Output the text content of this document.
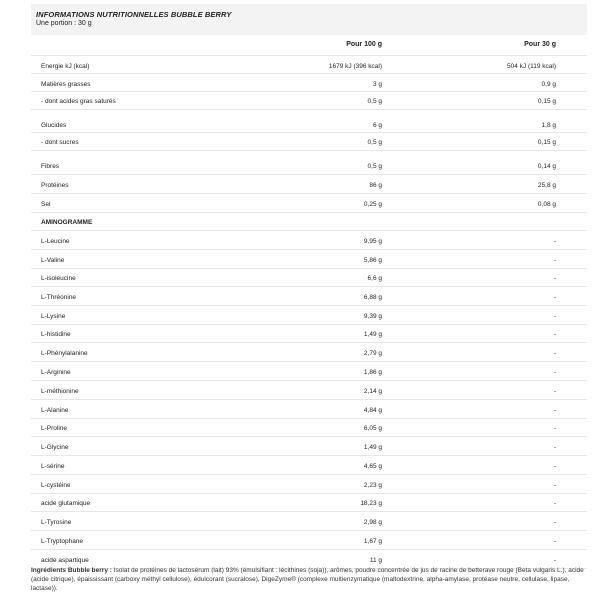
INFORMATIONS NUTRITIONNELLES BUBBLE BERRY
Une portion : 30 g
Pour 100 g	Pour 30 g
Energie kJ (kcal)	1679 kJ (396 kcal)	504 kJ (119 kcal)
Matières grasses	3 g	0,9 g
- dont acides gras saturés	0,5 g	0,15 g
Glucides	6 g	1,8 g
- dont sucres	0,5 g	0,15 g
Fibres	0,5 g	0,14 g
Protéines	86 g	25,8 g
Sel	0,25 g	0,08 g
AMINOGRAMME
L-Leucine	9,95 g	-
L-Valine	5,86 g	-
L-isoleucine	6,6 g	-
L-Thréonine	6,88 g	-
L-Lysine	9,39 g	-
L-histidine	1,49 g	-
L-Phénylalanine	2,79 g	-
L-Arginine	1,86 g	-
L-méthionine	2,14 g	-
L-Alanine	4,84 g	-
L-Proline	6,05 g	-
L-Glycine	1,49 g	-
L-sérine	4,65 g	-
L-cystéine	2,23 g	-
acide glutamique	18,23 g	-
L-Tyrosine	2,98 g	-
L-Tryptophane	1,67 g	-
acide aspartique	11 g	-
Ingrédients Bubble berry : Isolat de protéines de lactosérum (lait) 93% (émulsifiant : lécithines (soja)), arômes, poudre concentrée de jus de racine de betterave rouge (Beta vulgaris L.), acide (acide citrique), épaississant (carboxy méthyl cellulose), édulcorant (sucralose), DigeZyme® (complexe multienzymatique (maltodextrine, alpha-amylase, protéase neutre, cellulase, lipase, lactase)).
